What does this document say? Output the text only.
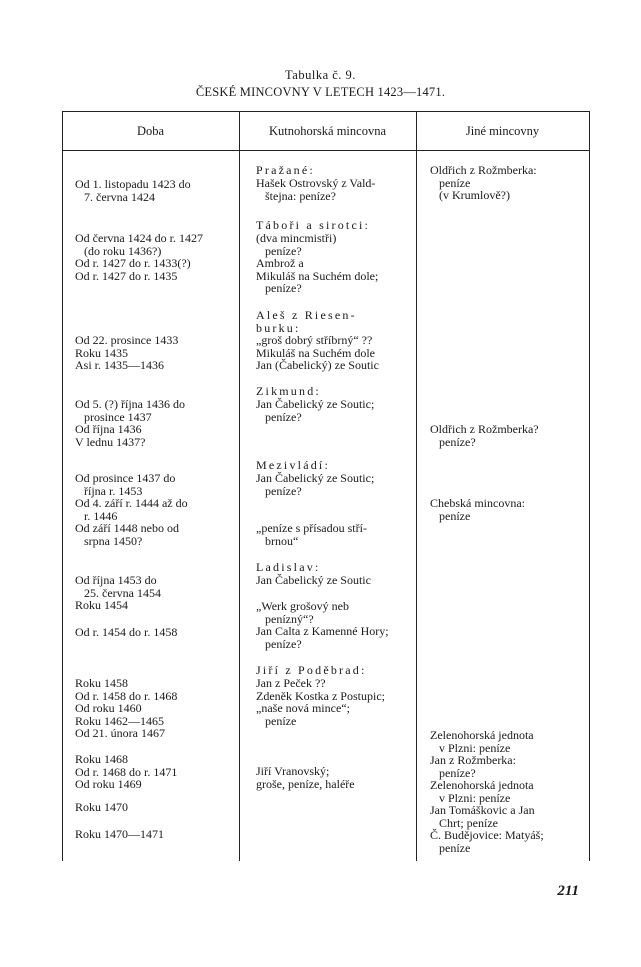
Tabulka č. 9.
ČESKÉ MINCOVNY V LETECH 1423—1471.
Doba	Kutnohorská mincovna	Jiné mincovny
Od 1. listopadu 1423 do
7. června 1424
Od června 1424 do r. 1427
(do roku 1436?)
Od r. 1427 do r. 1433(?)
Od r. 1427 do r. 1435
Od 22. prosince 1433
Roku 1435
Asi r. 1435—1436
Od 5. (?) října 1436 do
prosince 1437
Od října 1436
V lednu 1437?
Od prosince 1437 do
října r. 1453
Od 4. září r. 1444 až do
r. 1446
Od září 1448 nebo od
srpna 1450?
Od října 1453 do
25. června 1454
Roku 1454
Od r. 1454 do r. 1458
Roku 1458
Od r. 1458 do r. 1468
Od roku 1460
Roku 1462—1465
Od 21. února 1467
Roku 1468
Od r. 1468 do r. 1471
Od roku 1469
Roku 1470
Roku 1470—1471
Pražané:
Hašek Ostrovský z Vald-
štejna: peníze?
Táboři a sirotci:
(dva mincmistři)
peníze?
Ambrož a
Mikuláš na Suchém dole;
peníze?
Aleš z Riesen-
burku:
„groš dobrý stříbrný“ ??
Mikuláš na Suchém dole
Jan (Čabelický) ze Soutic
Zikmund:
Jan Čabelický ze Soutic;
peníze?
Mezivládí:
Jan Čabelický ze Soutic;
peníze?
„peníze s přísadou stří-
brnou“
Ladislav:
Jan Čabelický ze Soutic
„Werk grošový neb
penízný“?
Jan Calta z Kamenné Hory;
peníze?
Jiří z Poděbrad:
Jan z Peček ??
Zdeněk Kostka z Postupic;
„naše nová mince“;
peníze
Jiří Vranovský;
groše, peníze, haléře
Oldřich z Rožmberka:
peníze
(v Krumlově?)
Oldřich z Rožmberka?
peníze?
Chebská mincovna:
peníze
Zelenohorská jednota
v Plzni: peníze
Jan z Rožmberka:
peníze?
Zelenohorská jednota
v Plzni: peníze
Jan Tomáškovic a Jan
Chrt; peníze
Č. Budějovice: Matyáš;
peníze
211
